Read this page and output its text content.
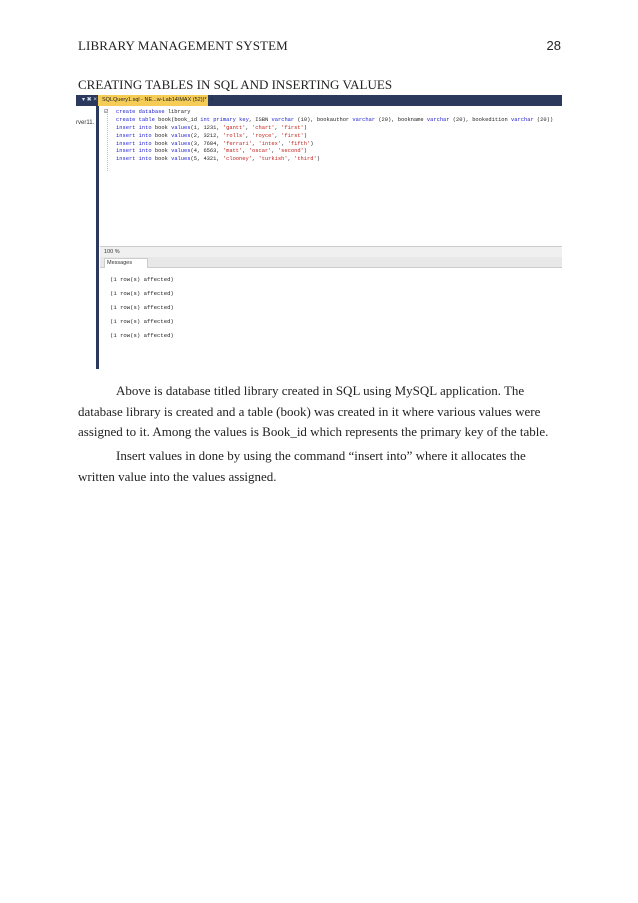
LIBRARY MANAGEMENT SYSTEM	28
CREATING TABLES IN SQL AND INSERTING VALUES
▾ ✖ ×
rver11.
SQLQuery1.sql - NE...w-Lab14\MAX (52))* ×
⊟ create database library
create table book(book_id int primary key, ISBN varchar (10), bookauthor varchar (20), bookname varchar (20), bookedition varchar (20))
insert into book values(1, 1231, 'gantt', 'chart', 'first')
insert into book values(2, 3212, 'rolls', 'royce', 'first')
insert into book values(3, 7684, 'ferrari', 'intex', 'fifth')
insert into book values(4, 6563, 'matt', 'oscar', 'second')
insert into book values(5, 4321, 'clooney', 'turkish', 'third')
100 %
Messages
(1 row(s) affected)
(1 row(s) affected)
(1 row(s) affected)
(1 row(s) affected)
(1 row(s) affected)
Above is database titled library created in SQL using MySQL application. The database library is created and a table (book) was created in it where various values were assigned to it. Among the values is Book_id which represents the primary key of the table.
Insert values in done by using the command “insert into” where it allocates the written value into the values assigned.
